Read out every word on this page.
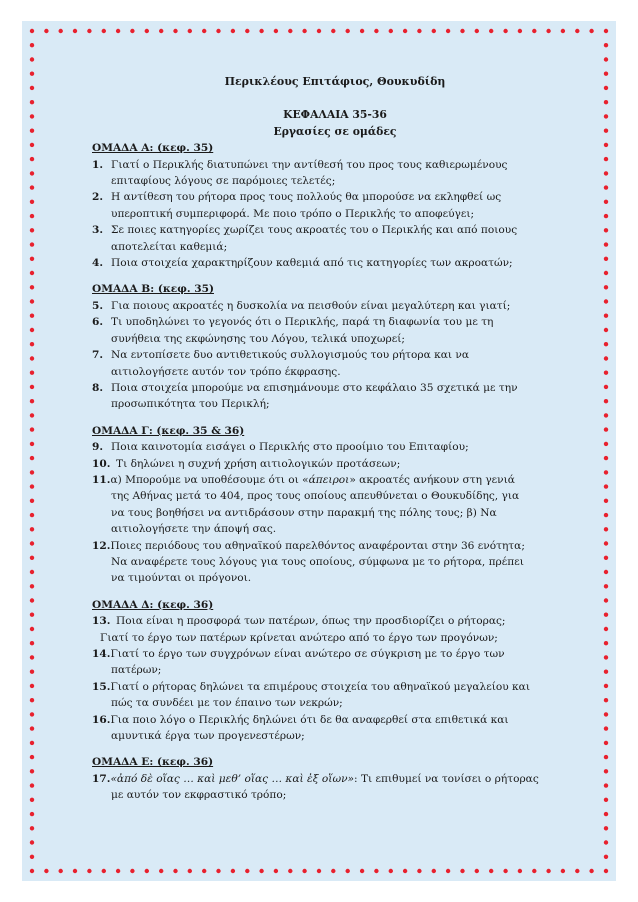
Περικλέους Επιτάφιος, Θουκυδίδη
ΚΕΦΑΛΑΙΑ 35-36
Εργασίες σε ομάδες
ΟΜΑΔΑ Α: (κεφ. 35)
1. Γιατί ο Περικλής διατυπώνει την αντίθεσή του προς τους καθιερωμένους
επιταφίους λόγους σε παρόμοιες τελετές;
2. Η αντίθεση του ρήτορα προς τους πολλούς θα μπορούσε να εκληφθεί ως
υπεροπτική συμπεριφορά. Με ποιο τρόπο ο Περικλής το αποφεύγει;
3. Σε ποιες κατηγορίες χωρίζει τους ακροατές του ο Περικλής και από ποιους
αποτελείται καθεμιά;
4. Ποια στοιχεία χαρακτηρίζουν καθεμιά από τις κατηγορίες των ακροατών;
ΟΜΑΔΑ Β: (κεφ. 35)
5. Για ποιους ακροατές η δυσκολία να πεισθούν είναι μεγαλύτερη και γιατί;
6. Τι υποδηλώνει το γεγονός ότι ο Περικλής, παρά τη διαφωνία του με τη
συνήθεια της εκφώνησης του Λόγου, τελικά υποχωρεί;
7. Να εντοπίσετε δυο αντιθετικούς συλλογισμούς του ρήτορα και να
αιτιολογήσετε αυτόν τον τρόπο έκφρασης.
8. Ποια στοιχεία μπορούμε να επισημάνουμε στο κεφάλαιο 35 σχετικά με την
προσωπικότητα του Περικλή;
ΟΜΑΔΑ Γ: (κεφ. 35 & 36)
9. Ποια καινοτομία εισάγει ο Περικλής στο προοίμιο του Επιταφίου;
10. Τι δηλώνει η συχνή χρήση αιτιολογικών προτάσεων;
11. α) Μπορούμε να υποθέσουμε ότι οι «άπειροι» ακροατές ανήκουν στη γενιά
της Αθήνας μετά το 404, προς τους οποίους απευθύνεται ο Θουκυδίδης, για
να τους βοηθήσει να αντιδράσουν στην παρακμή της πόλης τους; β) Να
αιτιολογήσετε την άποψή σας.
12. Ποιες περιόδους του αθηναϊκού παρελθόντος αναφέρονται στην 36 ενότητα;
Να αναφέρετε τους λόγους για τους οποίους, σύμφωνα με το ρήτορα, πρέπει
να τιμούνται οι πρόγονοι.
ΟΜΑΔΑ Δ: (κεφ. 36)
13. Ποια είναι η προσφορά των πατέρων, όπως την προσδιορίζει ο ρήτορας;
Γιατί το έργο των πατέρων κρίνεται ανώτερο από το έργο των προγόνων;
14. Γιατί το έργο των συγχρόνων είναι ανώτερο σε σύγκριση με το έργο των
πατέρων;
15. Γιατί ο ρήτορας δηλώνει τα επιμέρους στοιχεία του αθηναϊκού μεγαλείου και
πώς τα συνδέει με τον έπαινο των νεκρών;
16. Για ποιο λόγο ο Περικλής δηλώνει ότι δε θα αναφερθεί στα επιθετικά και
αμυντικά έργα των προγενεστέρων;
ΟΜΑΔΑ Ε: (κεφ. 36)
17. «ἀπό δὲ οἵας … καὶ μεθ’ οἵας … καὶ ἐξ οἵων»: Τι επιθυμεί να τονίσει ο ρήτορας
με αυτόν τον εκφραστικό τρόπο;
